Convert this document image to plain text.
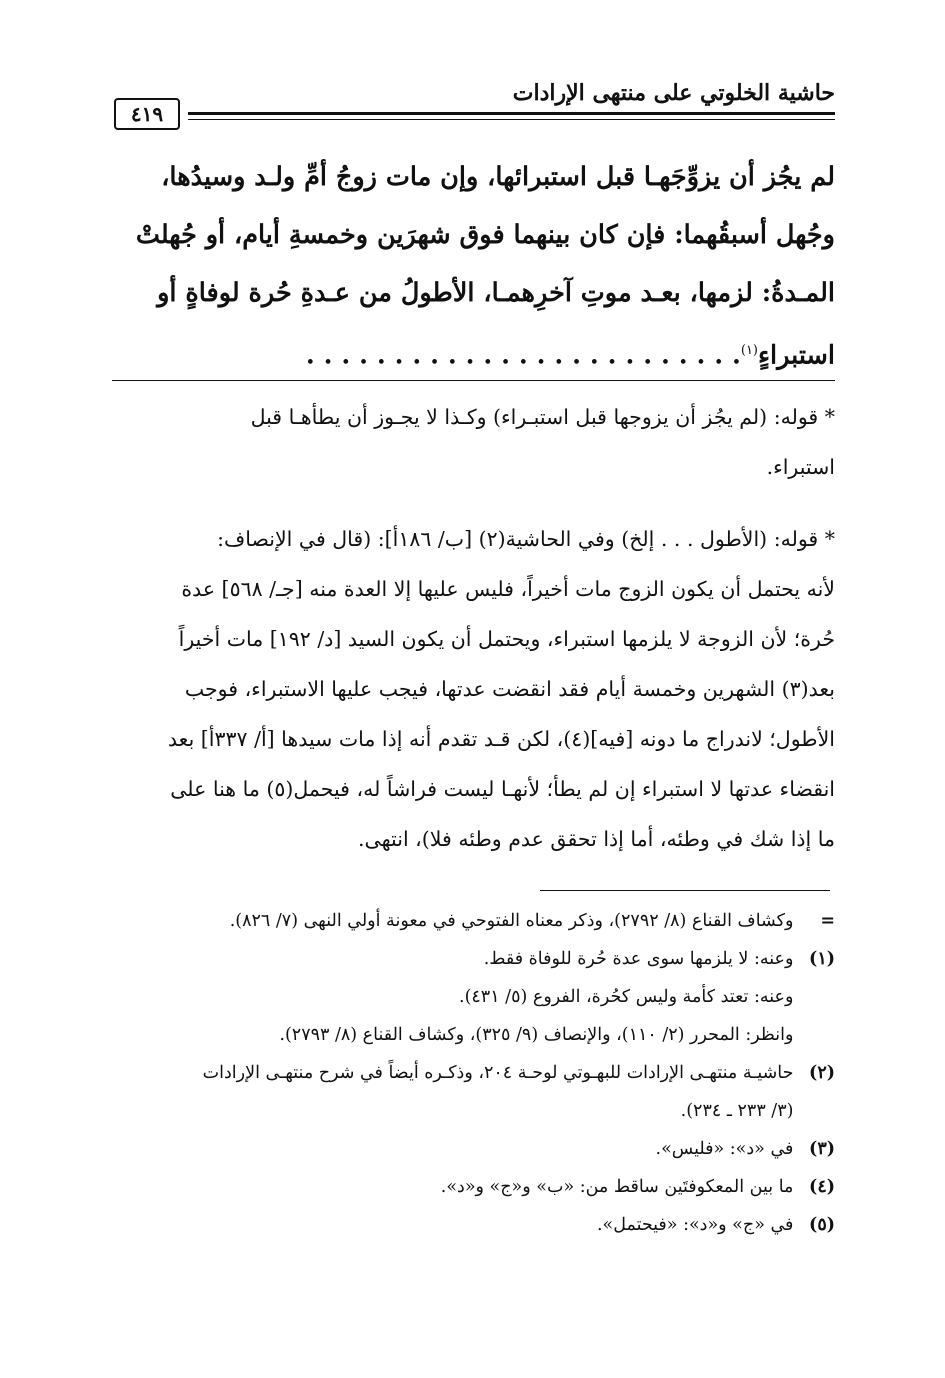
حاشية الخلوتي على منتهى الإرادات
٤١٩
لم يجُز أن يزوِّجَهـا قبل استبرائها، وإن مات زوجُ أمِّ ولـد وسيدُها،
وجُهل أسبقُهما: فإن كان بينهما فوق شهرَين وخمسةِ أيام، أو جُهلتْ
المـدةُ: لزمها، بعـد موتِ آخرِهمـا، الأطولُ من عـدةِ حُرة لوفاةٍ أو
استبراءٍ$^{(١)}$. . . . . . . . . . . . . . . . . . . . . . . . .
* قوله: (لم يجُز أن يزوجها قبل استبـراء) وكـذا لا يجـوز أن يطأهـا قبل
استبراء.
* قوله: (الأطول . . . إلخ) وفي الحاشية(٢) [ب/ ١٨٦أ]: (قال في الإنصاف:
لأنه يحتمل أن يكون الزوج مات أخيراً، فليس عليها إلا العدة منه [جـ/ ٥٦٨] عدة
حُرة؛ لأن الزوجة لا يلزمها استبراء، ويحتمل أن يكون السيد [د/ ١٩٢] مات أخيراً
بعد(٣) الشهرين وخمسة أيام فقد انقضت عدتها، فيجب عليها الاستبراء، فوجب
الأطول؛ لاندراج ما دونه [فيه](٤)، لكن قـد تقدم أنه إذا مات سيدها [أ/ ٣٣٧أ] بعد
انقضاء عدتها لا استبراء إن لم يطأ؛ لأنهـا ليست فراشاً له، فيحمل(٥) ما هنا على
ما إذا شك في وطئه، أما إذا تحقق عدم وطئه فلا)، انتهى.
= وكشاف القناع (٨/ ٢٧٩٢)، وذكر معناه الفتوحي في معونة أولي النهى (٧/ ٨٢٦).
(١) وعنه: لا يلزمها سوى عدة حُرة للوفاة فقط.
وعنه: تعتد كأمة وليس كحُرة، الفروع (٥/ ٤٣١).
وانظر: المحرر (٢/ ١١٠)، والإنصاف (٩/ ٣٢٥)، وكشاف القناع (٨/ ٢٧٩٣).
(٢) حاشيـة منتهـى الإرادات للبهـوتي لوحـة ٢٠٤، وذكـره أيضاً في شرح منتهـى الإرادات
(٣/ ٢٣٣ ـ ٢٣٤).
(٣) في «د»: «فليس».
(٤) ما بين المعكوفتَين ساقط من: «ب» و«ج» و«د».
(٥) في «ج» و«د»: «فيحتمل».
